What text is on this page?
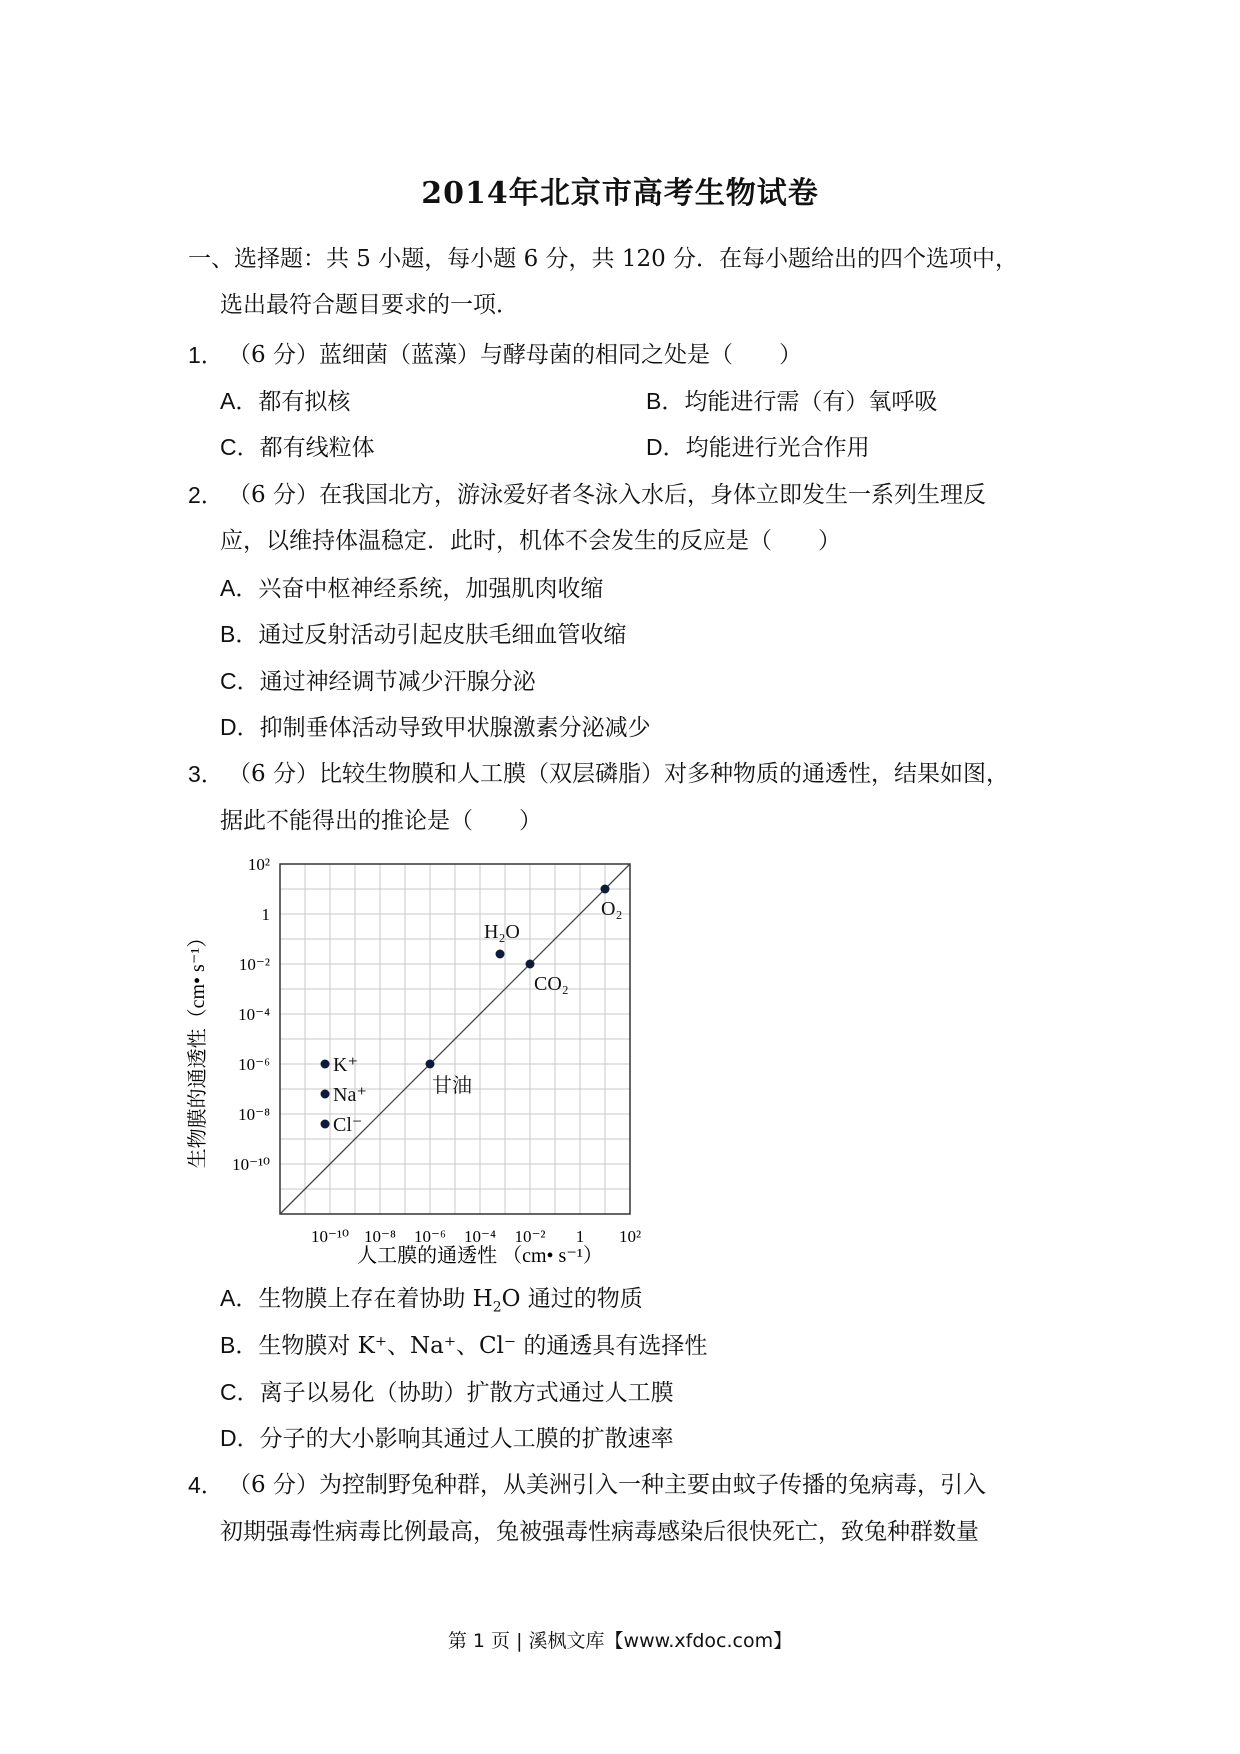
2014年北京市高考生物试卷
一、选择题：共 5 小题，每小题 6 分，共 120 分．在每小题给出的四个选项中，
选出最符合题目要求的一项．
1． （6 分）蓝细菌（蓝藻）与酵母菌的相同之处是（　　）
A．都有拟核	B．均能进行需（有）氧呼吸
C．都有线粒体	D．均能进行光合作用
2． （6 分）在我国北方，游泳爱好者冬泳入水后，身体立即发生一系列生理反
应，以维持体温稳定．此时，机体不会发生的反应是（　　）
A．兴奋中枢神经系统，加强肌肉收缩
B．通过反射活动引起皮肤毛细血管收缩
C．通过神经调节减少汗腺分泌
D．抑制垂体活动导致甲状腺激素分泌减少
3． （6 分）比较生物膜和人工膜（双层磷脂）对多种物质的通透性，结果如图，
据此不能得出的推论是（　　）
10⁻¹⁰ 10⁻⁸ 10⁻⁶ 10⁻⁴ 10⁻² 1 10²
10²
1
10⁻²
10⁻⁴
10⁻⁶
10⁻⁸
10⁻¹⁰
O₂
H₂O
CO₂
甘油
K⁺
Na⁺
Cl⁻
人工膜的通透性 （cm• s⁻¹）
生物膜的通透性（cm• s⁻¹）
A．生物膜上存在着协助 $H_2O$ 通过的物质
B．生物膜对 K⁺、Na⁺、Cl⁻ 的通透具有选择性
C．离子以易化（协助）扩散方式通过人工膜
D．分子的大小影响其通过人工膜的扩散速率
4． （6 分）为控制野兔种群，从美洲引入一种主要由蚊子传播的兔病毒，引入
初期强毒性病毒比例最高，兔被强毒性病毒感染后很快死亡，致兔种群数量
第 1 页 | 溪枫文库【www.xfdoc.com】
